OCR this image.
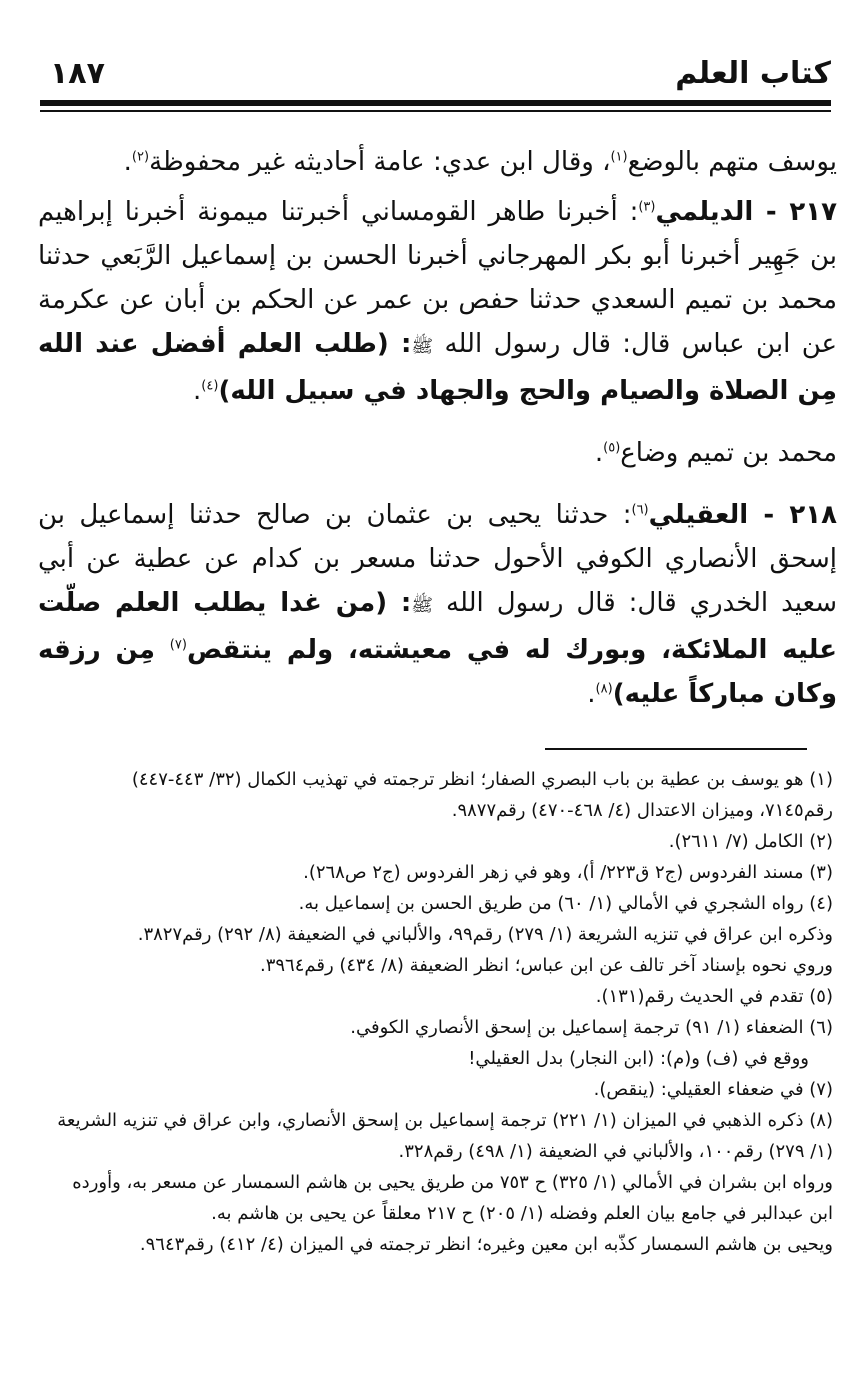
كتاب العلم
١٨٧

يوسف متهم بالوضع$^{(١)}$، وقال ابن عدي: عامة أحاديثه غير محفوظة$^{(٢)}$.

٢١٧ - الديلمي$^{(٣)}$: أخبرنا طاهر القومساني أخبرتنا ميمونة أخبرنا إبراهيم بن جَهِير أخبرنا أبو بكر المهرجاني أخبرنا الحسن بن إسماعيل الرَّبَعي حدثنا محمد بن تميم السعدي حدثنا حفص بن عمر عن الحكم بن أبان عن عكرمة عن ابن عباس قال: قال رسول الله ﷺ: (طلب العلم أفضل عند الله مِن الصلاة والصيام والحج والجهاد في سبيل الله)$^{(٤)}$.

محمد بن تميم وضاع$^{(٥)}$.

٢١٨ - العقيلي$^{(٦)}$: حدثنا يحيى بن عثمان بن صالح حدثنا إسماعيل بن إسحق الأنصاري الكوفي الأحول حدثنا مسعر بن كدام عن عطية عن أبي سعيد الخدري قال: قال رسول الله ﷺ: (من غدا يطلب العلم صلّت عليه الملائكة، وبورك له في معيشته، ولم ينتقص$^{(٧)}$ مِن رزقه وكان مباركاً عليه)$^{(٨)}$.

(١) هو يوسف بن عطية بن باب البصري الصفار؛ انظر ترجمته في تهذيب الكمال (٣٢/ ٤٤٣-٤٤٧)
رقم٧١٤٥، وميزان الاعتدال (٤/ ٤٦٨-٤٧٠) رقم٩٨٧٧.
(٢) الكامل (٧/ ٢٦١١).
(٣) مسند الفردوس (ج٢ ق٢٢٣/ أ)، وهو في زهر الفردوس (ج٢ ص٢٦٨).
(٤) رواه الشجري في الأمالي (١/ ٦٠) من طريق الحسن بن إسماعيل به.
وذكره ابن عراق في تنزيه الشريعة (١/ ٢٧٩) رقم٩٩، والألباني في الضعيفة (٨/ ٢٩٢) رقم٣٨٢٧.
وروي نحوه بإسناد آخر تالف عن ابن عباس؛ انظر الضعيفة (٨/ ٤٣٤) رقم٣٩٦٤.
(٥) تقدم في الحديث رقم(١٣١).
(٦) الضعفاء (١/ ٩١) ترجمة إسماعيل بن إسحق الأنصاري الكوفي.
ووقع في (ف) و(م): (ابن النجار) بدل العقيلي!
(٧) في ضعفاء العقيلي: (ينقص).
(٨) ذكره الذهبي في الميزان (١/ ٢٢١) ترجمة إسماعيل بن إسحق الأنصاري، وابن عراق في تنزيه الشريعة
(١/ ٢٧٩) رقم١٠٠، والألباني في الضعيفة (١/ ٤٩٨) رقم٣٢٨.
ورواه ابن بشران في الأمالي (١/ ٣٢٥) ح ٧٥٣ من طريق يحيى بن هاشم السمسار عن مسعر به، وأورده
ابن عبدالبر في جامع بيان العلم وفضله (١/ ٢٠٥) ح ٢١٧ معلقاً عن يحيى بن هاشم به.
ويحيى بن هاشم السمسار كذّبه ابن معين وغيره؛ انظر ترجمته في الميزان (٤/ ٤١٢) رقم٩٦٤٣.
